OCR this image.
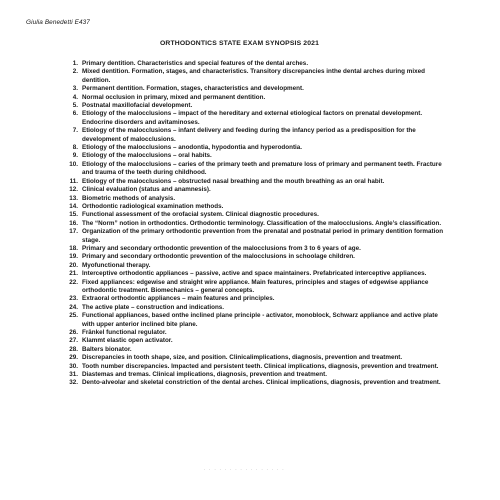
Giulia Benedetti E437
ORTHODONTICS STATE EXAM SYNOPSIS 2021
1. Primary dentition. Characteristics and special features of the dental arches.
2. Mixed dentition. Formation, stages, and characteristics. Transitory discrepancies inthe dental arches during mixed dentition.
3. Permanent dentition. Formation, stages, characteristics and development.
4. Normal occlusion in primary, mixed and permanent dentition.
5. Postnatal maxillofacial development.
6. Etiology of the malocclusions – impact of the hereditary and external etiological factors on prenatal development. Endocrine disorders and avitaminoses.
7. Etiology of the malocclusions – infant delivery and feeding during the infancy period as a predisposition for the development of malocclusions.
8. Etiology of the malocclusions – anodontia, hypodontia and hyperodontia.
9. Etiology of the malocclusions – oral habits.
10. Etiology of the malocclusions – caries of the primary teeth and premature loss of primary and permanent teeth. Fracture and trauma of the teeth during childhood.
11. Etiology of the malocclusions – obstructed nasal breathing and the mouth breathing as an oral habit.
12. Clinical evaluation (status and anamnesis).
13. Biometric methods of analysis.
14. Orthodontic radiological examination methods.
15. Functional assessment of the orofacial system. Clinical diagnostic procedures.
16. The “Norm” notion in orthodontics. Orthodontic terminology. Classification of the malocclusions. Angle’s classification.
17. Organization of the primary orthodontic prevention from the prenatal and postnatal period in primary dentition formation stage.
18. Primary and secondary orthodontic prevention of the malocclusions from 3 to 6 years of age.
19. Primary and secondary orthodontic prevention of the malocclusions in schoolage children.
20. Myofunctional therapy.
21. Interceptive orthodontic appliances – passive, active and space maintainers. Prefabricated interceptive appliances.
22. Fixed appliances: edgewise and straight wire appliance. Main features, principles and stages of edgewise appliance orthodontic treatment. Biomechanics – general concepts.
23. Extraoral orthodontic appliances – main features and principles.
24. The active plate – construction and indications.
25. Functional appliances, based onthe inclined plane principle - activator, monoblock, Schwarz appliance and active plate with upper anterior inclined bite plane.
26. Fränkel functional regulator.
27. Klammt elastic open activator.
28. Balters bionator.
29. Discrepancies in tooth shape, size, and position. Clinicalimplications, diagnosis, prevention and treatment.
30. Tooth number discrepancies. Impacted and persistent teeth. Clinical implications, diagnosis, prevention and treatment.
31. Diastemas and tremas. Clinical implications, diagnosis, prevention and treatment.
32. Dento-alveolar and skeletal constriction of the dental arches. Clinical implications, diagnosis, prevention and treatment.
. . . . . . . . . . . . . . . .
